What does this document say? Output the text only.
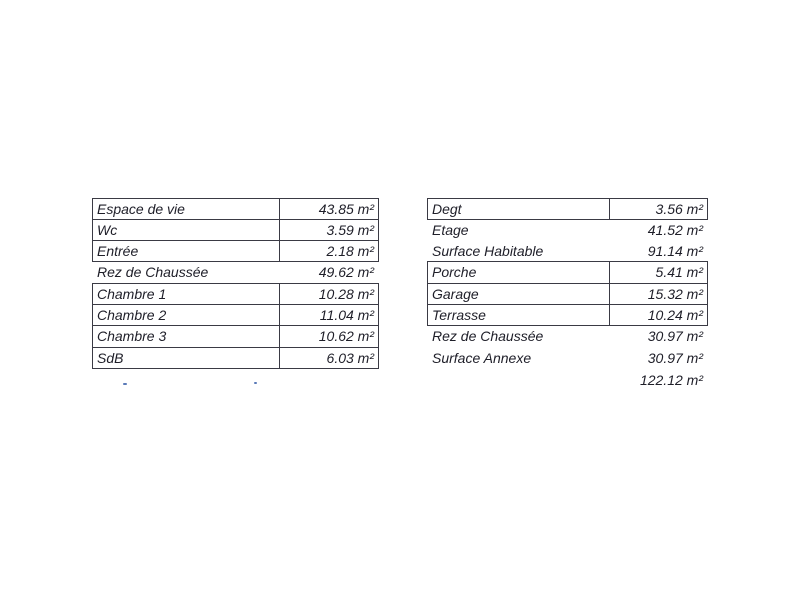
Espace de vie	43.85 m²
Wc	3.59 m²
Entrée	2.18 m²
Rez de Chaussée	49.62 m²
Chambre 1	10.28 m²
Chambre 2	11.04 m²
Chambre 3	10.62 m²
SdB	6.03 m²
Degt	3.56 m²
Etage	41.52 m²
Surface Habitable	91.14 m²
Porche	5.41 m²
Garage	15.32 m²
Terrasse	10.24 m²
Rez de Chaussée	30.97 m²
Surface Annexe	30.97 m²
122.12 m²
